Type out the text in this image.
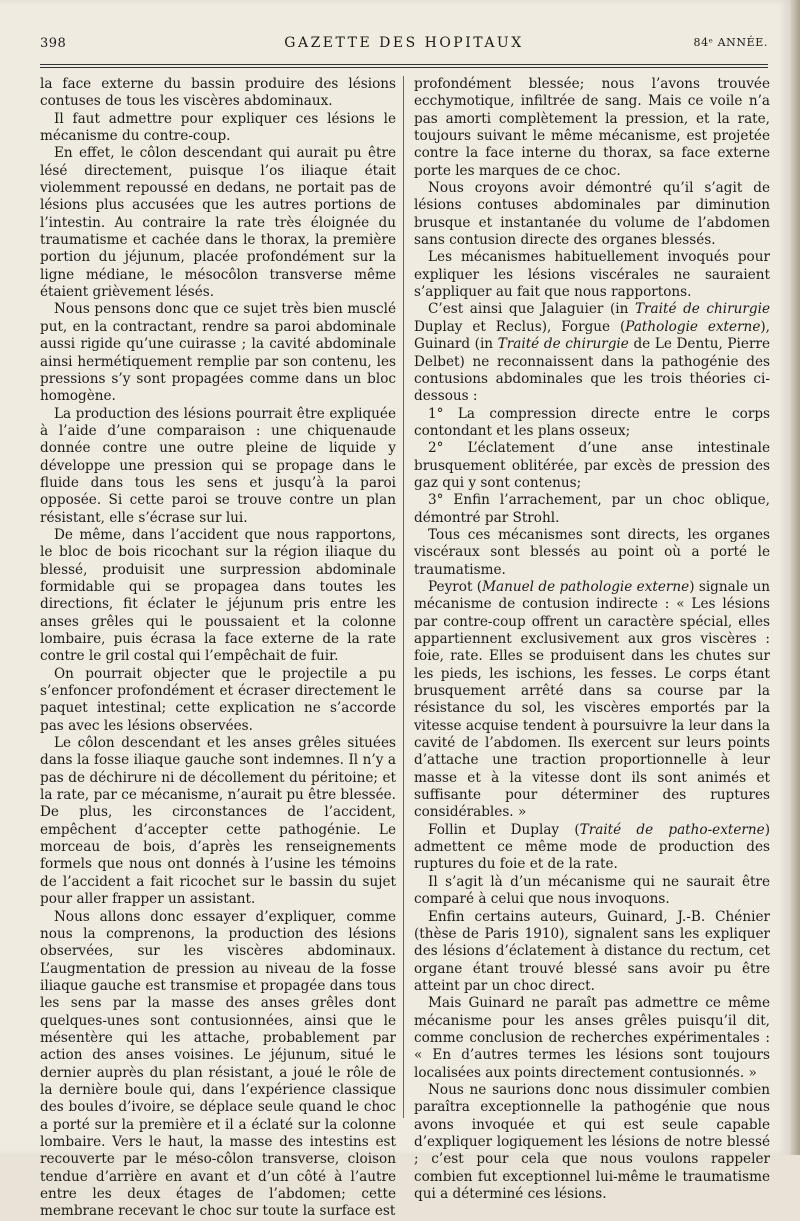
398	GAZETTE DES HOPITAUX	84ᵉ ANNÉE.

la face externe du bassin produire des lésions contuses de tous les viscères abdominaux.

Il faut admettre pour expliquer ces lésions le mécanisme du contre-coup.

En effet, le côlon descendant qui aurait pu être lésé directement, puisque l’os iliaque était violemment repoussé en dedans, ne portait pas de lésions plus accusées que les autres portions de l’intestin. Au contraire la rate très éloignée du traumatisme et cachée dans le thorax, la première portion du jéjunum, placée profondément sur la ligne médiane, le mésocôlon transverse même étaient grièvement lésés.

Nous pensons donc que ce sujet très bien musclé put, en la contractant, rendre sa paroi abdominale aussi rigide qu’une cuirasse ; la cavité abdominale ainsi hermétiquement remplie par son contenu, les pressions s’y sont propagées comme dans un bloc homogène.

La production des lésions pourrait être expliquée à l’aide d’une comparaison : une chiquenaude donnée contre une outre pleine de liquide y développe une pression qui se propage dans le fluide dans tous les sens et jusqu’à la paroi opposée. Si cette paroi se trouve contre un plan résistant, elle s’écrase sur lui.

De même, dans l’accident que nous rapportons, le bloc de bois ricochant sur la région iliaque du blessé, produisit une surpression abdominale formidable qui se propagea dans toutes les directions, fit éclater le jéjunum pris entre les anses grêles qui le poussaient et la colonne lombaire, puis écrasa la face externe de la rate contre le gril costal qui l’empêchait de fuir.

On pourrait objecter que le projectile a pu s’enfoncer profondément et écraser directement le paquet intestinal; cette explication ne s’accorde pas avec les lésions observées.

Le côlon descendant et les anses grêles situées dans la fosse iliaque gauche sont indemnes. Il n’y a pas de déchirure ni de décollement du péritoine; et la rate, par ce mécanisme, n’aurait pu être blessée. De plus, les circonstances de l’accident, empêchent d’accepter cette pathogénie. Le morceau de bois, d’après les renseignements formels que nous ont donnés à l’usine les témoins de l’accident a fait ricochet sur le bassin du sujet pour aller frapper un assistant.

Nous allons donc essayer d’expliquer, comme nous la comprenons, la production des lésions observées, sur les viscères abdominaux. L’augmentation de pression au niveau de la fosse iliaque gauche est transmise et propagée dans tous les sens par la masse des anses grêles dont quelques-unes sont contusionnées, ainsi que le mésentère qui les attache, probablement par action des anses voisines. Le jéjunum, situé le dernier auprès du plan résistant, a joué le rôle de la dernière boule qui, dans l’expérience classique des boules d’ivoire, se déplace seule quand le choc a porté sur la première et il a éclaté sur la colonne lombaire. Vers le haut, la masse des intestins est recouverte par le méso-côlon transverse, cloison tendue d’arrière en avant et d’un côté à l’autre entre les deux étages de l’abdomen; cette membrane recevant le choc sur toute la surface est

profondément blessée; nous l’avons trouvée ecchymotique, infiltrée de sang. Mais ce voile n’a pas amorti complètement la pression, et la rate, toujours suivant le même mécanisme, est projetée contre la face interne du thorax, sa face externe porte les marques de ce choc.

Nous croyons avoir démontré qu’il s’agit de lésions contuses abdominales par diminution brusque et instantanée du volume de l’abdomen sans contusion directe des organes blessés.

Les mécanismes habituellement invoqués pour expliquer les lésions viscérales ne sauraient s’appliquer au fait que nous rapportons.

C’est ainsi que Jalaguier (in Traité de chirurgie Duplay et Reclus), Forgue (Pathologie externe), Guinard (in Traité de chirurgie de Le Dentu, Pierre Delbet) ne reconnaissent dans la pathogénie des contusions abdominales que les trois théories ci-dessous :

1° La compression directe entre le corps contondant et les plans osseux;

2° L’éclatement d’une anse intestinale brusquement oblitérée, par excès de pression des gaz qui y sont contenus;

3° Enfin l’arrachement, par un choc oblique, démontré par Strohl.

Tous ces mécanismes sont directs, les organes viscéraux sont blessés au point où a porté le traumatisme.

Peyrot (Manuel de pathologie externe) signale un mécanisme de contusion indirecte : « Les lésions par contre-coup offrent un caractère spécial, elles appartiennent exclusivement aux gros viscères : foie, rate. Elles se produisent dans les chutes sur les pieds, les ischions, les fesses. Le corps étant brusquement arrêté dans sa course par la résistance du sol, les viscères emportés par la vitesse acquise tendent à poursuivre la leur dans la cavité de l’abdomen. Ils exercent sur leurs points d’attache une traction proportionnelle à leur masse et à la vitesse dont ils sont animés et suffisante pour déterminer des ruptures considérables. »

Follin et Duplay (Traité de patho-externe) admettent ce même mode de production des ruptures du foie et de la rate.

Il s’agit là d’un mécanisme qui ne saurait être comparé à celui que nous invoquons.

Enfin certains auteurs, Guinard, J.-B. Chénier (thèse de Paris 1910), signalent sans les expliquer des lésions d’éclatement à distance du rectum, cet organe étant trouvé blessé sans avoir pu être atteint par un choc direct.

Mais Guinard ne paraît pas admettre ce même mécanisme pour les anses grêles puisqu’il dit, comme conclusion de recherches expérimentales : « En d’autres termes les lésions sont toujours localisées aux points directement contusionnés. »

Nous ne saurions donc nous dissimuler combien paraîtra exceptionnelle la pathogénie que nous avons invoquée et qui est seule capable d’expliquer logiquement les lésions de notre blessé ; c’est pour cela que nous voulons rappeler combien fut exceptionnel lui-même le traumatisme qui a déterminé ces lésions.
